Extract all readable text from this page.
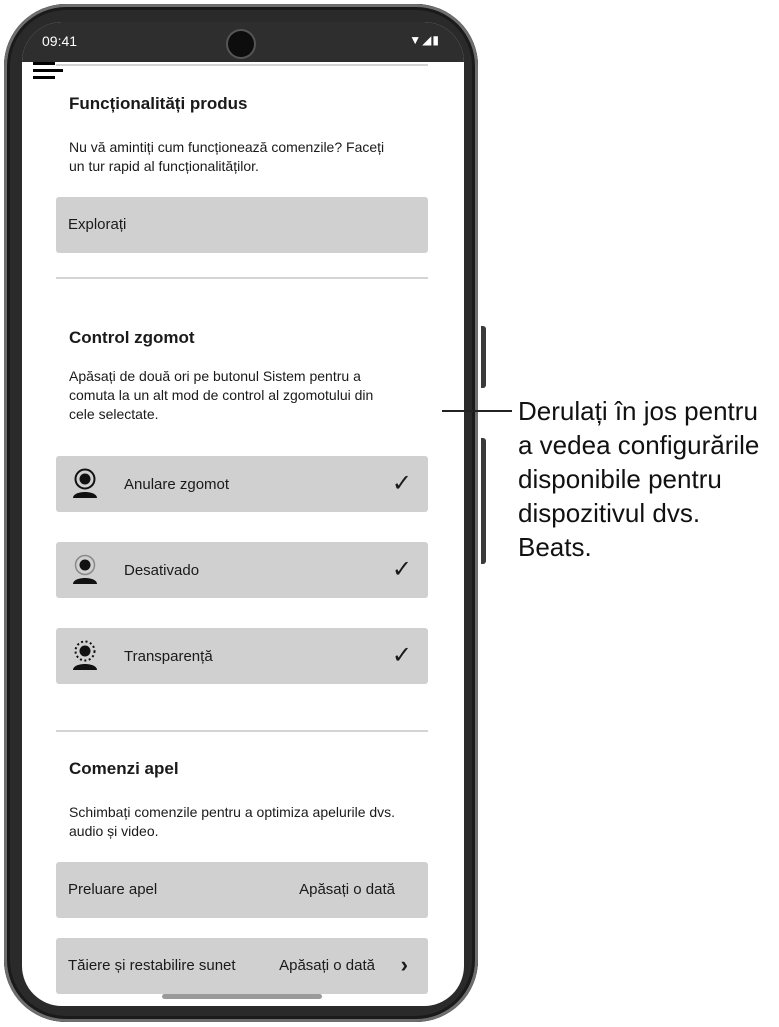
09:41	▼◢▮
Funcționalități produs
Nu vă amintiți cum funcționează comenzile? Faceți un tur rapid al funcționalităților.
Explorați
Control zgomot
Apăsați de două ori pe butonul Sistem pentru a comuta la un alt mod de control al zgomotului din cele selectate.
Anulare zgomot	✓
Desativado	✓
Transparență	✓
Comenzi apel
Schimbați comenzile pentru a optimiza apelurile dvs. audio și video.
Preluare apel	Apăsați o dată
Tăiere și restabilire sunet	Apăsați o dată ›
Derulați în jos pentru a vedea configurările disponibile pentru dispozitivul dvs. Beats.
